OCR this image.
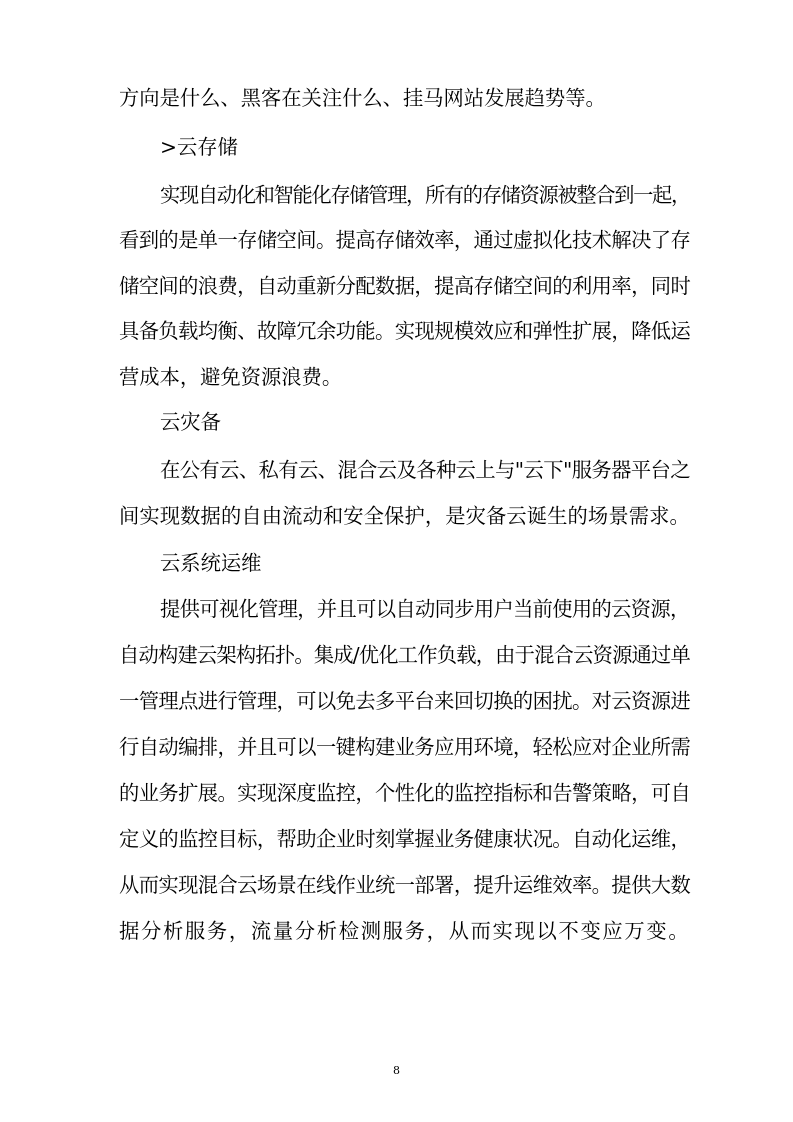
方向是什么、黑客在关注什么、挂马网站发展趋势等。
>云存储
实现自动化和智能化存储管理，所有的存储资源被整合到一起，
看到的是单一存储空间。提高存储效率，通过虚拟化技术解决了存
储空间的浪费，自动重新分配数据，提高存储空间的利用率，同时
具备负载均衡、故障冗余功能。实现规模效应和弹性扩展，降低运
营成本，避免资源浪费。
云灾备
在公有云、私有云、混合云及各种云上与"云下"服务器平台之
间实现数据的自由流动和安全保护，是灾备云诞生的场景需求。
云系统运维
提供可视化管理，并且可以自动同步用户当前使用的云资源，
自动构建云架构拓扑。集成/优化工作负载，由于混合云资源通过单
一管理点进行管理，可以免去多平台来回切换的困扰。对云资源进
行自动编排，并且可以一键构建业务应用环境，轻松应对企业所需
的业务扩展。实现深度监控，个性化的监控指标和告警策略，可自
定义的监控目标，帮助企业时刻掌握业务健康状况。自动化运维，
从而实现混合云场景在线作业统一部署，提升运维效率。提供大数
据分析服务，流量分析检测服务，从而实现以不变应万变。
8
